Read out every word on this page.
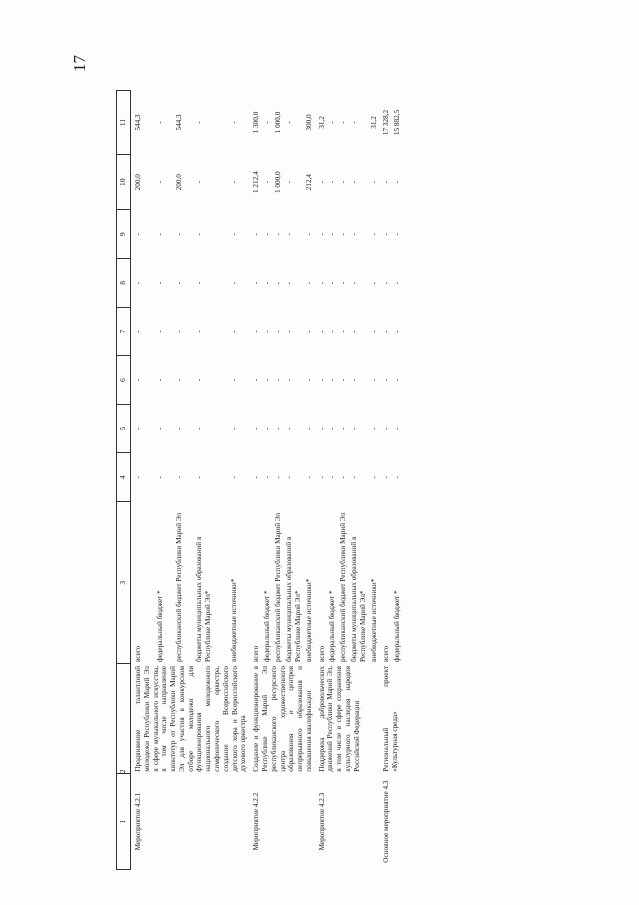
17
1	2	3	4	5	6	7	8	9	10	11
Мероприятие 4.2.1	Продвижение талантливой молодежи Республики Марий Эл в сфере музыкального искусства, в том числе направление квинтетур от Республики Марий Эл для участия в конкурсном отборе молодежи для функционирования национального молодежного симфонического оркестра, создание Всероссийского детского хора и Всероссийского духового оркестра	всего	-	-	-	-	-	-	200,0	544,3
		федеральный бюджет *	-	-	-	-	-	-	-	-
		республиканский бюджет Республики Марий Эл	-	-	-	-	-	-	200,0	544,3
		бюджеты муниципальных образований в Республике Марий Эл*	-	-	-	-	-	-	-	-
		внебюджетные источники*	-	-	-	-	-	-	-	-
Мероприятие 4.2.2	Создание и функционирование в Республике Марий Эл республиканского ресурсного центра художественного образования и центров непрерывного образования и повышения квалификации	всего	-	-	-	-	-	-	1 212,4	1 300,0
		федеральный бюджет *	-	-	-	-	-	-	-	-
		республиканский бюджет Республики Марий Эл	-	-	-	-	-	-	1 000,0	1 000,0
		бюджеты муниципальных образований в Республике Марий Эл*	-	-	-	-	-	-	-	-
		внебюджетные источники*	-	-	-	-	-	-	212,4	300,0
Мероприятие 4.2.3	Поддержка добровольческих движений Республики Марий Эл, в том числе в сфере сохранения культурного наследия народов Российской Федерации	всего	-	-	-	-	-	-	-	31,2
		федеральный бюджет *	-	-	-	-	-	-	-	-
		республиканский бюджет Республики Марий Эл	-	-	-	-	-	-	-	-
		бюджеты муниципальных образований в Республике Марий Эл*	-	-	-	-	-	-	-	-
		внебюджетные источники*	-	-	-	-	-	-	-	31,2
Основное мероприятие 4.3	Региональный проект «Культурная среда»	всего	-	-	-	-	-	-	-	17 328,2
		федеральный бюджет *	-	-	-	-	-	-	-	15 882,5
